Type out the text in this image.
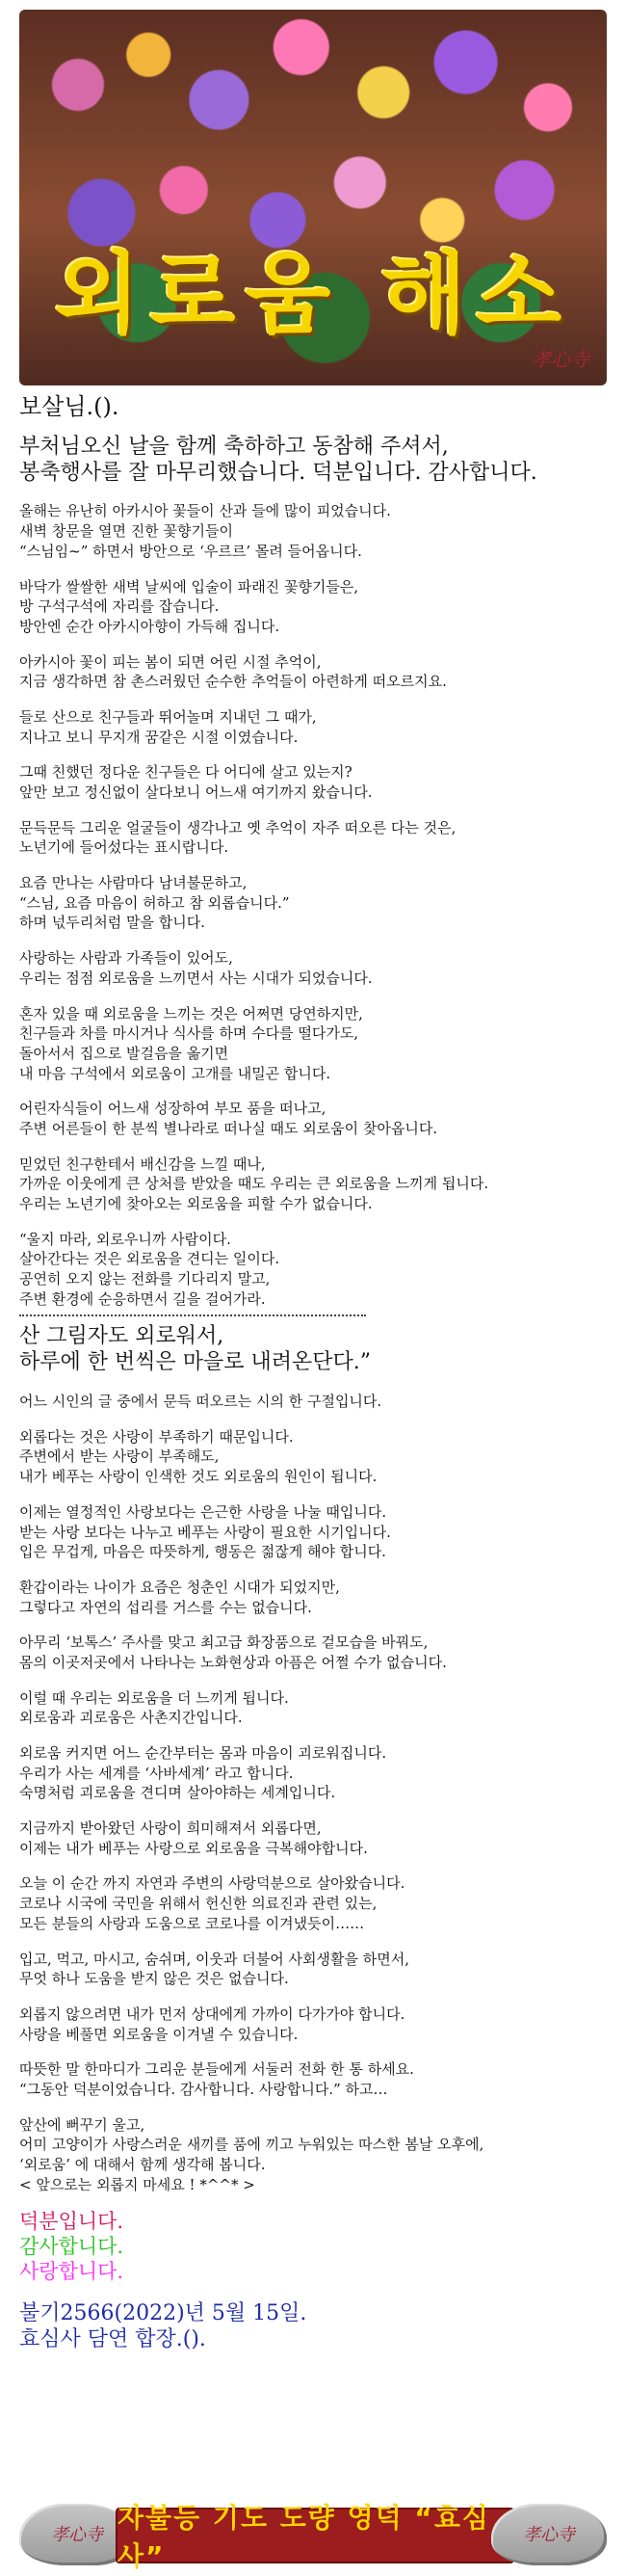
외로움 해소
孝心寺
보살님.().
부처님오신 날을 함께 축하하고 동참해 주셔서,
봉축행사를 잘 마무리했습니다. 덕분입니다. 감사합니다.
올해는 유난히 아카시아 꽃들이 산과 들에 많이 피었습니다.
새벽 창문을 열면 진한 꽃향기들이
“스님임~” 하면서 방안으로 ‘우르르’ 몰려 들어옵니다.
바닥가 쌀쌀한 새벽 날씨에 입술이 파래진 꽃향기들은,
방 구석구석에 자리를 잡습니다.
방안엔 순간 아카시아향이 가득해 집니다.
아카시아 꽃이 피는 봄이 되면 어린 시절 추억이,
지금 생각하면 참 촌스러웠던 순수한 추억들이 아련하게 떠오르지요.
들로 산으로 친구들과 뛰어놀며 지내던 그 때가,
지나고 보니 무지개 꿈같은 시절 이였습니다.
그때 친했던 정다운 친구들은 다 어디에 살고 있는지?
앞만 보고 정신없이 살다보니 어느새 여기까지 왔습니다.
문득문득 그리운 얼굴들이 생각나고 옛 추억이 자주 떠오른 다는 것은,
노년기에 들어섰다는 표시랍니다.
요즘 만나는 사람마다 남녀불문하고,
“스님, 요즘 마음이 허하고 참 외롭습니다.”
하며 넋두리처럼 말을 합니다.
사랑하는 사람과 가족들이 있어도,
우리는 점점 외로움을 느끼면서 사는 시대가 되었습니다.
혼자 있을 때 외로움을 느끼는 것은 어쩌면 당연하지만,
친구들과 차를 마시거나 식사를 하며 수다를 떨다가도,
돌아서서 집으로 발걸음을 옮기면
내 마음 구석에서 외로움이 고개를 내밀곤 합니다.
어린자식들이 어느새 성장하여 부모 품을 떠나고,
주변 어른들이 한 분씩 별나라로 떠나실 때도 외로움이 찾아옵니다.
믿었던 친구한테서 배신감을 느낄 때나,
가까운 이웃에게 큰 상처를 받았을 때도 우리는 큰 외로움을 느끼게 됩니다.
우리는 노년기에 찾아오는 외로움을 피할 수가 없습니다.
“울지 마라, 외로우니까 사람이다.
살아간다는 것은 외로움을 견디는 일이다.
공연히 오지 않는 전화를 기다리지 말고,
주변 환경에 순응하면서 길을 걸어가라.
산 그림자도 외로워서,
하루에 한 번씩은 마을로 내려온단다.”
어느 시인의 글 중에서 문득 떠오르는 시의 한 구절입니다.
외롭다는 것은 사랑이 부족하기 때문입니다.
주변에서 받는 사랑이 부족해도,
내가 베푸는 사랑이 인색한 것도 외로움의 원인이 됩니다.
이제는 열정적인 사랑보다는 은근한 사랑을 나눌 때입니다.
받는 사랑 보다는 나누고 베푸는 사랑이 필요한 시기입니다.
입은 무겁게, 마음은 따뜻하게, 행동은 젊잖게 해야 합니다.
환갑이라는 나이가 요즘은 청춘인 시대가 되었지만,
그렇다고 자연의 섭리를 거스를 수는 없습니다.
아무리 ‘보톡스’ 주사를 맞고 최고급 화장품으로 겉모습을 바꿔도,
몸의 이곳저곳에서 나타나는 노화현상과 아픔은 어쩔 수가 없습니다.
이럴 때 우리는 외로움을 더 느끼게 됩니다.
외로움과 괴로움은 사촌지간입니다.
외로움 커지면 어느 순간부터는 몸과 마음이 괴로워집니다.
우리가 사는 세계를 ‘사바세계’ 라고 합니다.
숙명처럼 괴로움을 견디며 살아야하는 세계입니다.
지금까지 받아왔던 사랑이 희미해져서 외롭다면,
이제는 내가 베푸는 사랑으로 외로움을 극복해야합니다.
오늘 이 순간 까지 자연과 주변의 사랑덕분으로 살아왔습니다.
코로나 시국에 국민을 위해서 헌신한 의료진과 관련 있는,
모든 분들의 사랑과 도움으로 코로나를 이겨냈듯이……
입고, 먹고, 마시고, 숨쉬며, 이웃과 더불어 사회생활을 하면서,
무엇 하나 도움을 받지 않은 것은 없습니다.
외롭지 않으려면 내가 먼저 상대에게 가까이 다가가야 합니다.
사랑을 베풀면 외로움을 이겨낼 수 있습니다.
따뜻한 말 한마디가 그리운 분들에게 서둘러 전화 한 통 하세요.
“그동안 덕분이었습니다. 감사합니다. 사랑합니다.” 하고…
앞산에 뻐꾸기 울고,
어미 고양이가 사랑스러운 새끼를 품에 끼고 누워있는 따스한 봄날 오후에,
‘외로움’ 에 대해서 함께 생각해 봅니다.
< 앞으로는 외롭지 마세요 ! *^^* >
덕분입니다.
감사합니다.
사랑합니다.
불기2566(2022)년 5월 15일.
효심사 담연 합장.().
孝心寺
자불등 기도 도량 영덕 “효심사”
孝心寺
